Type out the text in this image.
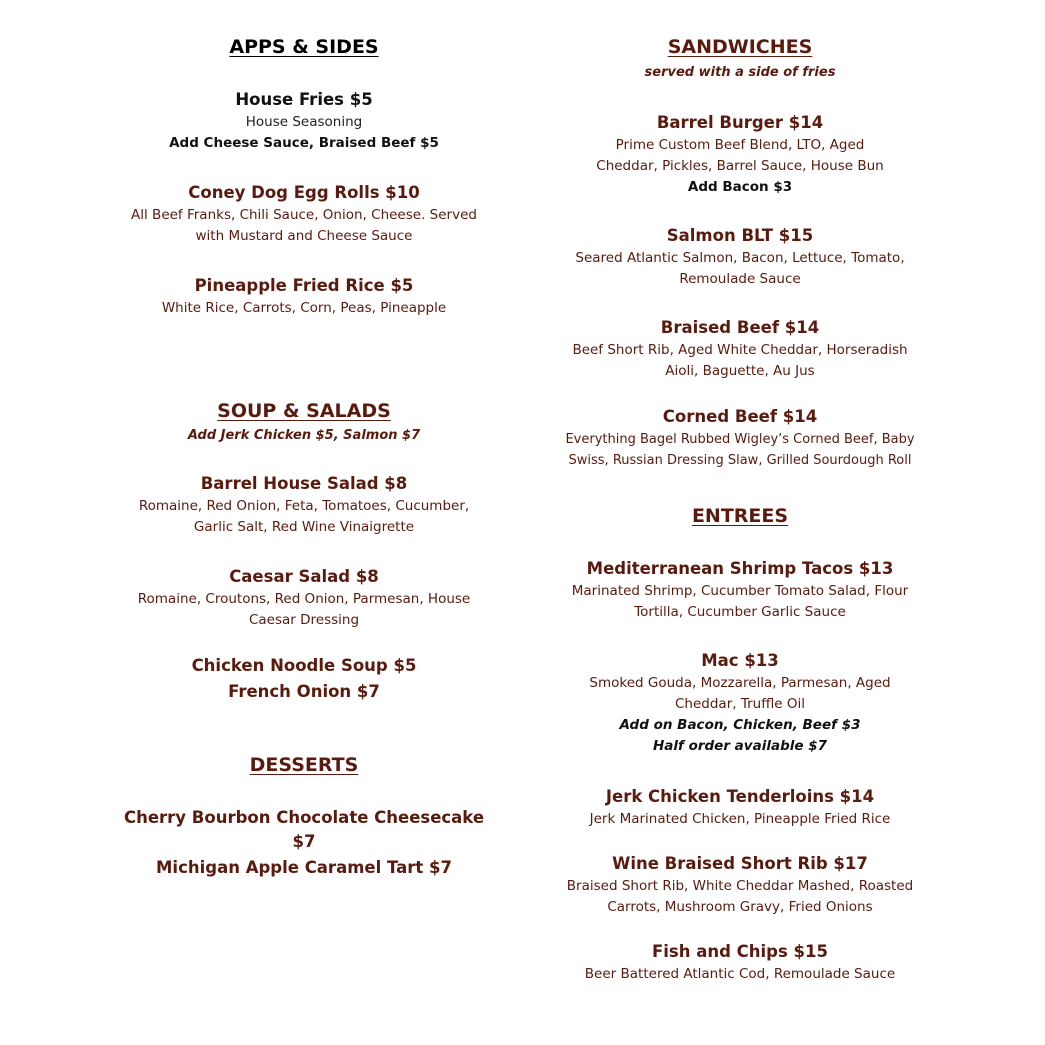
APPS & SIDES
House Fries $5
House Seasoning
Add Cheese Sauce, Braised Beef $5
Coney Dog Egg Rolls $10
All Beef Franks, Chili Sauce, Onion, Cheese. Served
with Mustard and Cheese Sauce
Pineapple Fried Rice $5
White Rice, Carrots, Corn, Peas, Pineapple
SOUP & SALADS
Add Jerk Chicken $5, Salmon $7
Barrel House Salad $8
Romaine, Red Onion, Feta, Tomatoes, Cucumber,
Garlic Salt, Red Wine Vinaigrette
Caesar Salad $8
Romaine, Croutons, Red Onion, Parmesan, House
Caesar Dressing
Chicken Noodle Soup $5
French Onion $7
DESSERTS
Cherry Bourbon Chocolate Cheesecake $7
Michigan Apple Caramel Tart $7
SANDWICHES
served with a side of fries
Barrel Burger $14
Prime Custom Beef Blend, LTO, Aged
Cheddar, Pickles, Barrel Sauce, House Bun
Add Bacon $3
Salmon BLT $15
Seared Atlantic Salmon, Bacon, Lettuce, Tomato,
Remoulade Sauce
Braised Beef $14
Beef Short Rib, Aged White Cheddar, Horseradish
Aioli, Baguette, Au Jus
Corned Beef $14
Everything Bagel Rubbed Wigley’s Corned Beef, Baby
Swiss, Russian Dressing Slaw, Grilled Sourdough Roll
ENTREES
Mediterranean Shrimp Tacos $13
Marinated Shrimp, Cucumber Tomato Salad, Flour
Tortilla, Cucumber Garlic Sauce
Mac $13
Smoked Gouda, Mozzarella, Parmesan, Aged
Cheddar, Truffle Oil
Add on Bacon, Chicken, Beef $3
Half order available $7
Jerk Chicken Tenderloins $14
Jerk Marinated Chicken, Pineapple Fried Rice
Wine Braised Short Rib $17
Braised Short Rib, White Cheddar Mashed, Roasted
Carrots, Mushroom Gravy, Fried Onions
Fish and Chips $15
Beer Battered Atlantic Cod, Remoulade Sauce
